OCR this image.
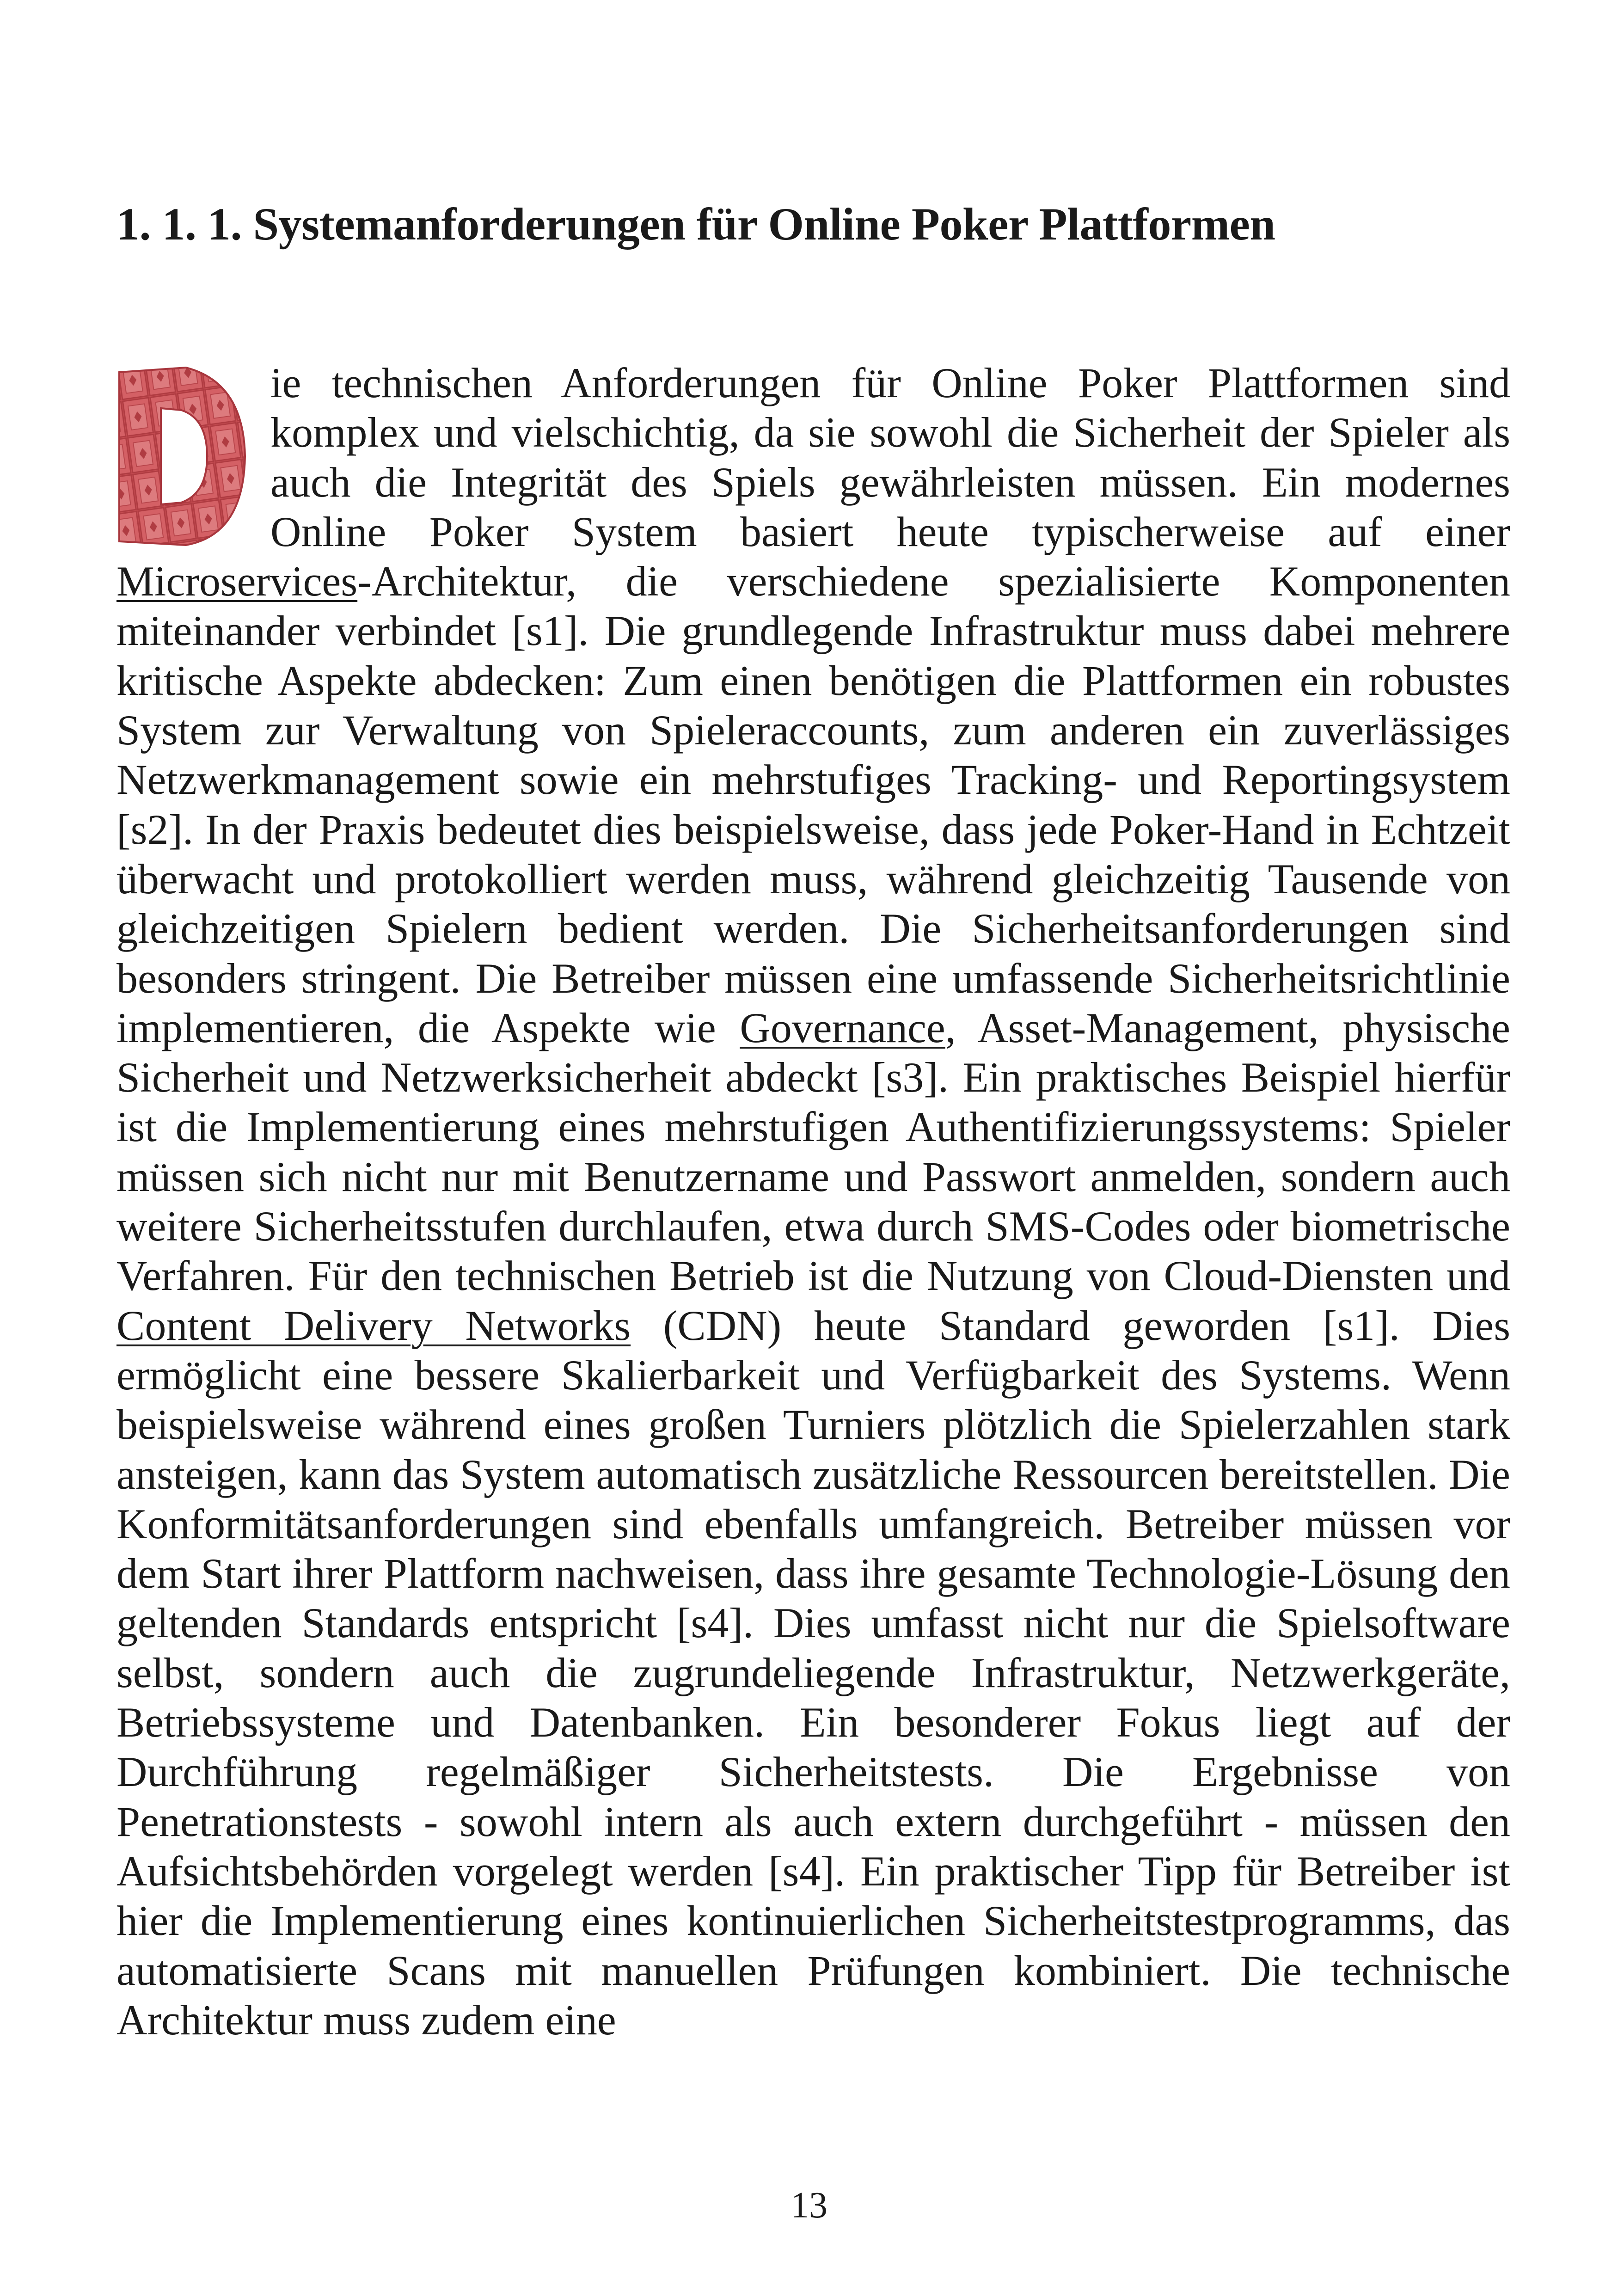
1. 1. 1. Systemanforderungen für Online Poker Plattformen

ie technischen Anforderungen für Online Poker Plattformen sind komplex und vielschichtig, da sie sowohl die Sicherheit der Spieler als auch die Integrität des Spiels gewährleisten müssen. Ein modernes Online Poker System basiert heute typischerweise auf einer Microservices-Architektur, die verschiedene spezialisierte Komponenten miteinander verbindet [s1]. Die grundlegende Infrastruktur muss dabei mehrere kritische Aspekte abdecken: Zum einen benötigen die Plattformen ein robustes System zur Verwaltung von Spieleraccounts, zum anderen ein zuverlässiges Netzwerkmanagement sowie ein mehrstufiges Tracking- und Reportingsystem [s2]. In der Praxis bedeutet dies beispielsweise, dass jede Poker-Hand in Echtzeit überwacht und protokolliert werden muss, während gleichzeitig Tausende von gleichzeitigen Spielern bedient werden. Die Sicherheitsanforderungen sind besonders stringent. Die Betreiber müssen eine umfassende Sicherheitsrichtlinie implementieren, die Aspekte wie Governance, Asset-Management, physische Sicherheit und Netzwerksicherheit abdeckt [s3]. Ein praktisches Beispiel hierfür ist die Implementierung eines mehrstufigen Authentifizierungssystems: Spieler müssen sich nicht nur mit Benutzername und Passwort anmelden, sondern auch weitere Sicherheitsstufen durchlaufen, etwa durch SMS-Codes oder biometrische Verfahren. Für den technischen Betrieb ist die Nutzung von Cloud-Diensten und Content Delivery Networks (CDN) heute Standard geworden [s1]. Dies ermöglicht eine bessere Skalierbarkeit und Verfügbarkeit des Systems. Wenn beispielsweise während eines großen Turniers plötzlich die Spielerzahlen stark ansteigen, kann das System automatisch zusätzliche Ressourcen bereitstellen. Die Konformitätsanforderungen sind ebenfalls umfangreich. Betreiber müssen vor dem Start ihrer Plattform nachweisen, dass ihre gesamte Technologie-Lösung den geltenden Standards entspricht [s4]. Dies umfasst nicht nur die Spielsoftware selbst, sondern auch die zugrundeliegende Infrastruktur, Netzwerkgeräte, Betriebssysteme und Datenbanken. Ein besonderer Fokus liegt auf der Durchführung regelmäßiger Sicherheitstests. Die Ergebnisse von Penetrationstests - sowohl intern als auch extern durchgeführt - müssen den Aufsichtsbehörden vorgelegt werden [s4]. Ein praktischer Tipp für Betreiber ist hier die Implementierung eines kontinuierlichen Sicherheitstestprogramms, das automatisierte Scans mit manuellen Prüfungen kombiniert. Die technische Architektur muss zudem eine

13
